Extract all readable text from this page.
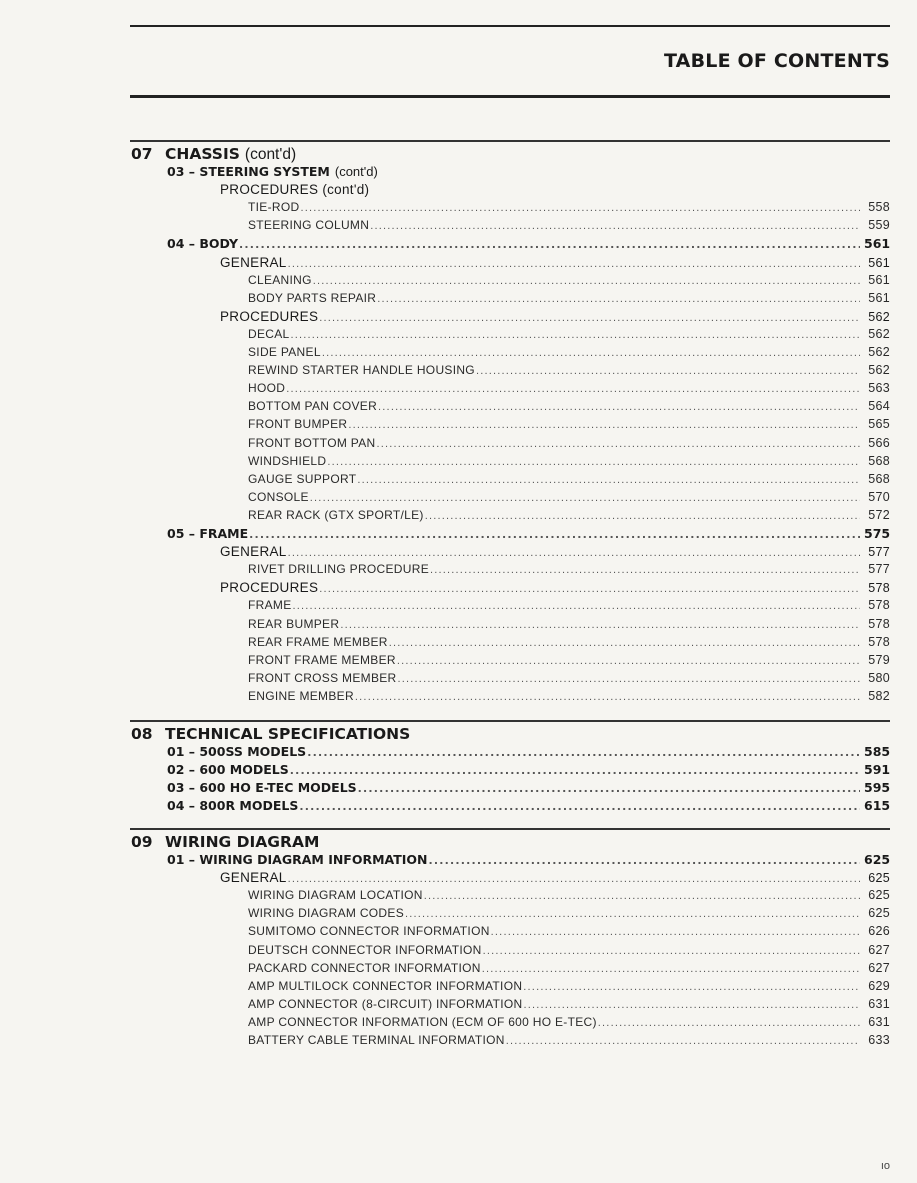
TABLE OF CONTENTS
07 CHASSIS (cont'd)
03 – STEERING SYSTEM (cont'd)
PROCEDURES (cont'd)
TIE-ROD .....	558
STEERING COLUMN .....	559
04 – BODY .....	561
GENERAL .....	561
CLEANING .....	561
BODY PARTS REPAIR .....	561
PROCEDURES .....	562
DECAL .....	562
SIDE PANEL .....	562
REWIND STARTER HANDLE HOUSING .....	562
HOOD .....	563
BOTTOM PAN COVER .....	564
FRONT BUMPER .....	565
FRONT BOTTOM PAN .....	566
WINDSHIELD .....	568
GAUGE SUPPORT .....	568
CONSOLE .....	570
REAR RACK (GTX SPORT/LE) .....	572
05 – FRAME .....	575
GENERAL .....	577
RIVET DRILLING PROCEDURE .....	577
PROCEDURES .....	578
FRAME .....	578
REAR BUMPER .....	578
REAR FRAME MEMBER .....	578
FRONT FRAME MEMBER .....	579
FRONT CROSS MEMBER .....	580
ENGINE MEMBER .....	582
08 TECHNICAL SPECIFICATIONS
01 – 500SS MODELS .....	585
02 – 600 MODELS .....	591
03 – 600 HO E-TEC MODELS .....	595
04 – 800R MODELS .....	615
09 WIRING DIAGRAM
01 – WIRING DIAGRAM INFORMATION .....	625
GENERAL .....	625
WIRING DIAGRAM LOCATION .....	625
WIRING DIAGRAM CODES .....	625
SUMITOMO CONNECTOR INFORMATION .....	626
DEUTSCH CONNECTOR INFORMATION .....	627
PACKARD CONNECTOR INFORMATION .....	627
AMP MULTILOCK CONNECTOR INFORMATION .....	629
AMP CONNECTOR (8-CIRCUIT) INFORMATION .....	631
AMP CONNECTOR INFORMATION (ECM OF 600 HO E-TEC) .....	631
BATTERY CABLE TERMINAL INFORMATION .....	633
ıo
